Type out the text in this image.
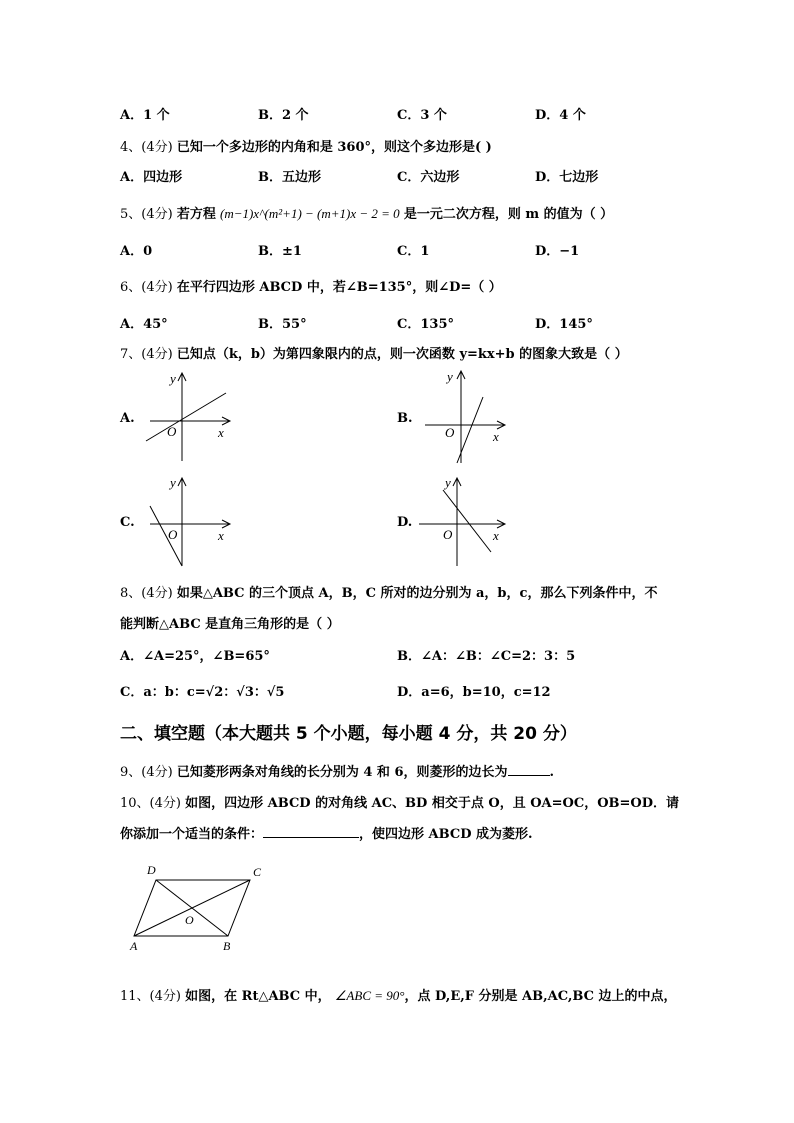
A．1 个	B．2 个	C．3 个	D．4 个
4、(4分) 已知一个多边形的内角和是 360°，则这个多边形是( )
A．四边形	B．五边形	C．六边形	D．七边形
5、(4分) 若方程 (m−1)x^(m²+1) − (m+1)x − 2 = 0 是一元二次方程，则 m 的值为（ ）
A．0	B．±1	C．1	D．−1
6、(4分) 在平行四边形 ABCD 中，若∠B=135°，则∠D=（ ）
A．45°	B．55°	C．135°	D．145°
7、(4分) 已知点（k，b）为第四象限内的点，则一次函数 y=kx+b 的图象大致是（ ）
A.
O	x
y
B.
O	x
y
C.
O	x
y
D.
O	x
y
8、(4分) 如果△ABC 的三个顶点 A，B，C 所对的边分别为 a，b，c，那么下列条件中，不
能判断△ABC 是直角三角形的是（ ）
A．∠A=25°，∠B=65°	B．∠A：∠B：∠C=2：3：5
C．a：b：c=√2：√3：√5	D．a=6，b=10，c=12
二、填空题（本大题共 5 个小题，每小题 4 分，共 20 分）
9、(4分) 已知菱形两条对角线的长分别为 4 和 6，则菱形的边长为	.
10、(4分) 如图，四边形 ABCD 的对角线 AC、BD 相交于点 O，且 OA=OC，OB=OD．请
你添加一个适当的条件：	，使四边形 ABCD 成为菱形.
A	B
C
D
O
11、(4分) 如图，在 Rt△ABC 中， ∠ABC = 90°，点 D,E,F 分别是 AB,AC,BC 边上的中点，
